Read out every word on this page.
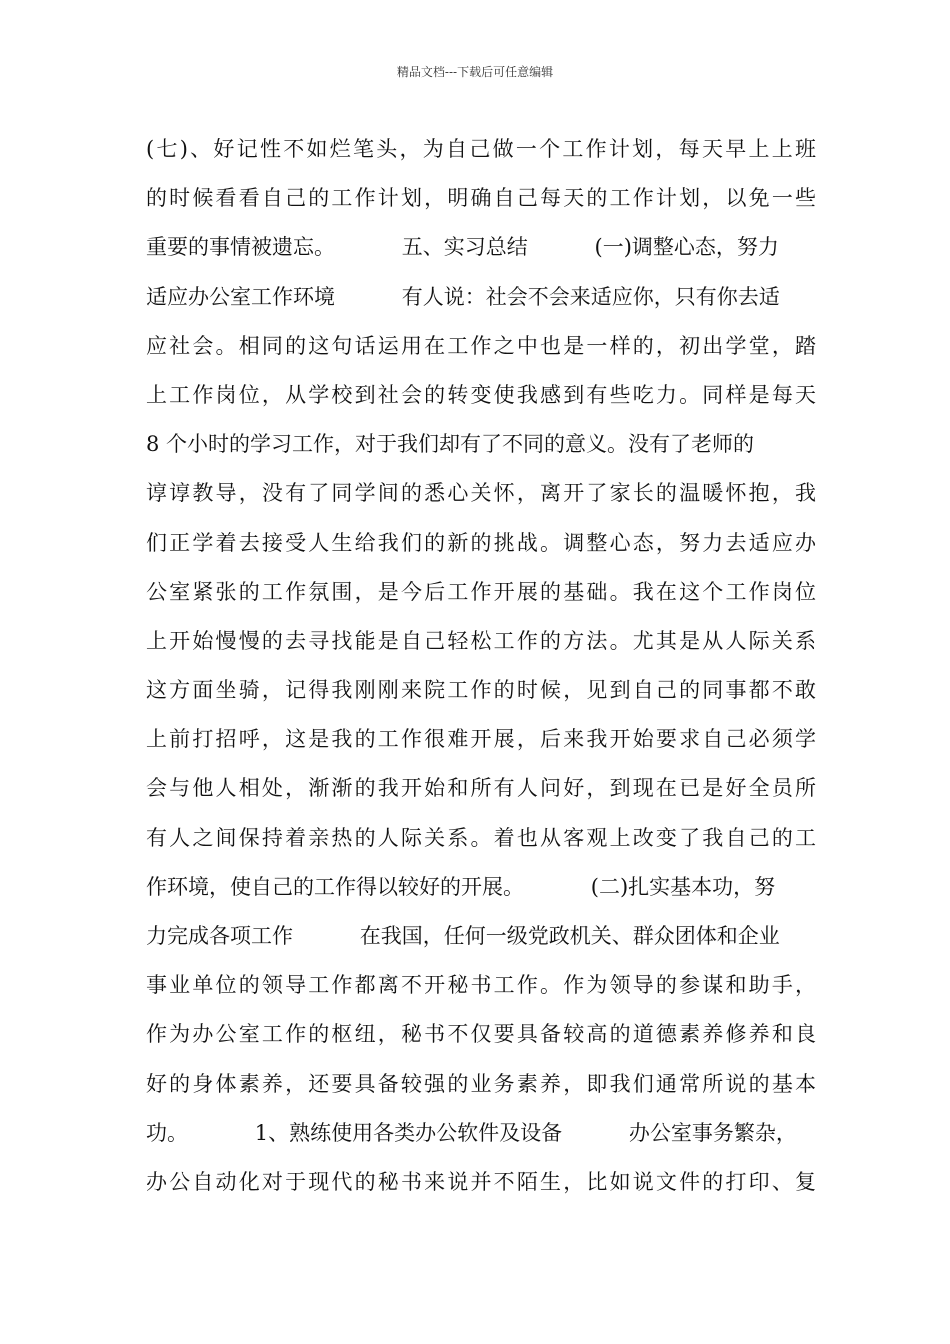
精品文档---下载后可任意编辑
(七)、好记性不如烂笔头，为自己做一个工作计划，每天早上上班
的时候看看自己的工作计划，明确自己每天的工作计划，以免一些
重要的事情被遗忘。          五、实习总结          (一)调整心态，努力
适应办公室工作环境          有人说：社会不会来适应你，只有你去适
应社会。相同的这句话运用在工作之中也是一样的，初出学堂，踏
上工作岗位，从学校到社会的转变使我感到有些吃力。同样是每天
8 个小时的学习工作，对于我们却有了不同的意义。没有了老师的
谆谆教导，没有了同学间的悉心关怀，离开了家长的温暖怀抱，我
们正学着去接受人生给我们的新的挑战。调整心态，努力去适应办
公室紧张的工作氛围，是今后工作开展的基础。我在这个工作岗位
上开始慢慢的去寻找能是自己轻松工作的方法。尤其是从人际关系
这方面坐骑，记得我刚刚来院工作的时候，见到自己的同事都不敢
上前打招呼，这是我的工作很难开展，后来我开始要求自己必须学
会与他人相处，渐渐的我开始和所有人问好，到现在已是好全员所
有人之间保持着亲热的人际关系。着也从客观上改变了我自己的工
作环境，使自己的工作得以较好的开展。          (二)扎实基本功，努
力完成各项工作          在我国，任何一级党政机关、群众团体和企业
事业单位的领导工作都离不开秘书工作。作为领导的参谋和助手，
作为办公室工作的枢纽，秘书不仅要具备较高的道德素养修养和良
好的身体素养，还要具备较强的业务素养，即我们通常所说的基本
功。          1、熟练使用各类办公软件及设备          办公室事务繁杂，
办公自动化对于现代的秘书来说并不陌生，比如说文件的打印、复
